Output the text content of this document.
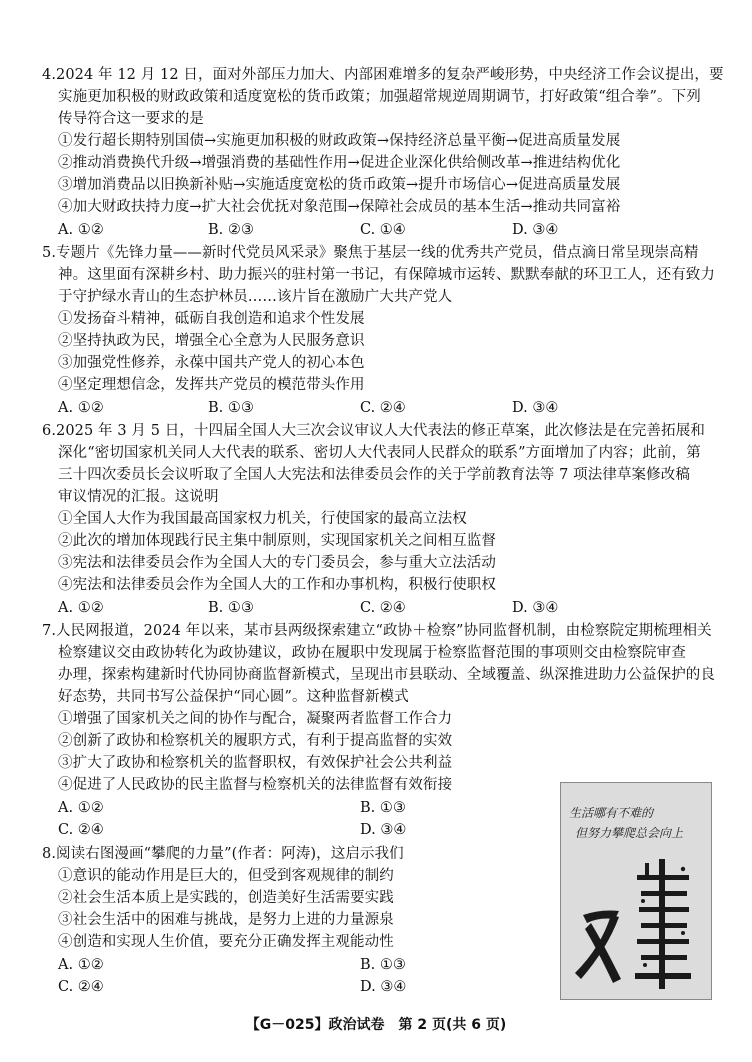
4.2024 年 12 月 12 日，面对外部压力加大、内部困难增多的复杂严峻形势，中央经济工作会议提出，要
实施更加积极的财政政策和适度宽松的货币政策；加强超常规逆周期调节，打好政策“组合拳”。下列
传导符合这一要求的是
①发行超长期特别国债→实施更加积极的财政政策→保持经济总量平衡→促进高质量发展
②推动消费换代升级→增强消费的基础性作用→促进企业深化供给侧改革→推进结构优化
③增加消费品以旧换新补贴→实施适度宽松的货币政策→提升市场信心→促进高质量发展
④加大财政扶持力度→扩大社会优抚对象范围→保障社会成员的基本生活→推动共同富裕
A. ①②	B. ②③	C. ①④	D. ③④
5.专题片《先锋力量——新时代党员风采录》聚焦于基层一线的优秀共产党员，借点滴日常呈现崇高精
神。这里面有深耕乡村、助力振兴的驻村第一书记，有保障城市运转、默默奉献的环卫工人，还有致力
于守护绿水青山的生态护林员……该片旨在激励广大共产党人
①发扬奋斗精神，砥砺自我创造和追求个性发展
②坚持执政为民，增强全心全意为人民服务意识
③加强党性修养，永葆中国共产党人的初心本色
④坚定理想信念，发挥共产党员的模范带头作用
A. ①②	B. ①③	C. ②④	D. ③④
6.2025 年 3 月 5 日，十四届全国人大三次会议审议人大代表法的修正草案，此次修法是在完善拓展和
深化“密切国家机关同人大代表的联系、密切人大代表同人民群众的联系”方面增加了内容；此前，第
三十四次委员长会议听取了全国人大宪法和法律委员会作的关于学前教育法等 7 项法律草案修改稿
审议情况的汇报。这说明
①全国人大作为我国最高国家权力机关，行使国家的最高立法权
②此次的增加体现践行民主集中制原则，实现国家机关之间相互监督
③宪法和法律委员会作为全国人大的专门委员会，参与重大立法活动
④宪法和法律委员会作为全国人大的工作和办事机构，积极行使职权
A. ①②	B. ①③	C. ②④	D. ③④
7.人民网报道，2024 年以来，某市县两级探索建立“政协＋检察”协同监督机制，由检察院定期梳理相关
检察建议交由政协转化为政协建议，政协在履职中发现属于检察监督范围的事项则交由检察院审查
办理，探索构建新时代协同协商监督新模式，呈现出市县联动、全域覆盖、纵深推进助力公益保护的良
好态势，共同书写公益保护“同心圆”。这种监督新模式
①增强了国家机关之间的协作与配合，凝聚两者监督工作合力
②创新了政协和检察机关的履职方式，有利于提高监督的实效
③扩大了政协和检察机关的监督职权，有效保护社会公共利益
④促进了人民政协的民主监督与检察机关的法律监督有效衔接
A. ①②	B. ①③
C. ②④	D. ③④
8.阅读右图漫画“攀爬的力量”(作者：阿涛)，这启示我们
①意识的能动作用是巨大的，但受到客观规律的制约
②社会生活本质上是实践的，创造美好生活需要实践
③社会生活中的困难与挑战，是努力上进的力量源泉
④创造和实现人生价值，要充分正确发挥主观能动性
A. ①②	B. ①③
C. ②④	D. ③④
生活哪有不难的
但努力攀爬总会向上
【G－025】政治试卷　第 2 页(共 6 页)
